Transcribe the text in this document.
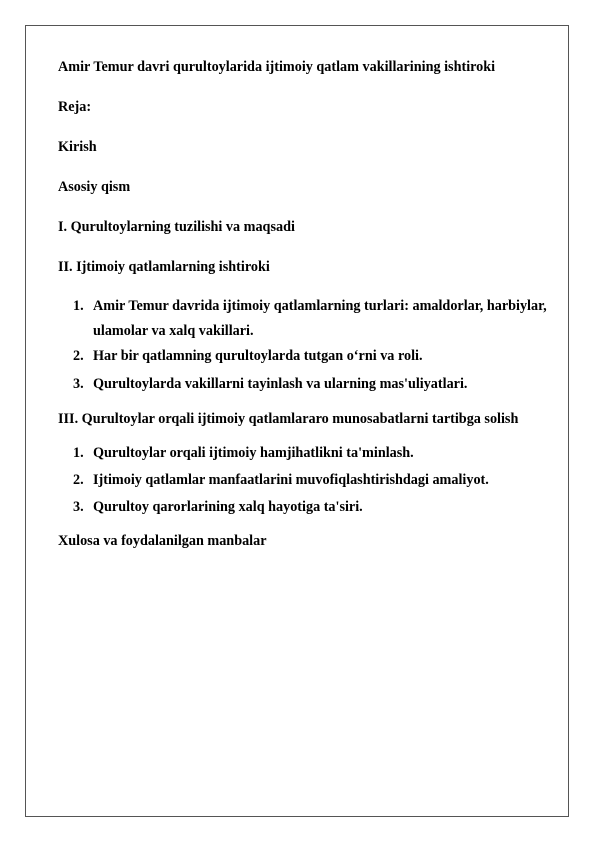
Amir Temur davri qurultoylarida ijtimoiy qatlam vakillarining ishtiroki

Reja:

Kirish

Asosiy qism

I. Qurultoylarning tuzilishi va maqsadi

II. Ijtimoiy qatlamlarning ishtiroki

1. Amir Temur davrida ijtimoiy qatlamlarning turlari: amaldorlar, harbiylar, ulamolar va xalq vakillari.
2. Har bir qatlamning qurultoylarda tutgan o‘rni va roli.
3. Qurultoylarda vakillarni tayinlash va ularning mas'uliyatlari.

III. Qurultoylar orqali ijtimoiy qatlamlararo munosabatlarni tartibga solish

1. Qurultoylar orqali ijtimoiy hamjihatlikni ta'minlash.
2. Ijtimoiy qatlamlar manfaatlarini muvofiqlashtirishdagi amaliyot.
3. Qurultoy qarorlarining xalq hayotiga ta'siri.

Xulosa va foydalanilgan manbalar
